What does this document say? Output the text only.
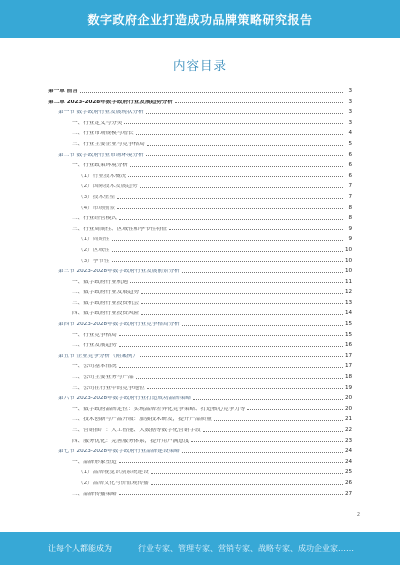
数字政府企业打造成功品牌策略研究报告
内容目录
第一章 前言	3
第二章 2023-2028年数字政府行业发展趋势分析	3
第一节 数字政府行业发展现状分析	3
一、行业定义与分类	3
二、行业市场规模与增长	4
三、行业主要企业与竞争格局	5
第二节 数字政府行业市场环境分析	6
一、行业政策环境分析	6
（1）行业技术概况	6
（2）国际技术发展趋势	7
（3）技术壁垒	7
（4）市场前景	8
二、行业经营模式	8
三、行业周期性、区域性和季节性特征	9
（1）周期性	9
（2）区域性	10
（3）季节性	10
第三节 2023-2028年数字政府行业发展前景分析	10
一、数字政府行业机遇	11
二、数字政府行业发展趋势	12
三、数字政府行业投资机会	13
四、数字政府行业投资风险	14
第四节 2023-2028年数字政府行业竞争格局分析	15
一、行业竞争格局	15
二、行业发展趋势	16
第五节 企业竞争分析（附案例）	17
一、公司基本情况	17
二、公司主要业务与产品	18
三、公司在行业中的竞争地位	19
第六节 2023-2028年数字政府行业打造成功品牌策略	20
一、数字政府品牌定位：实现品牌差异化竞争策略、打造核心竞争力等	20
二、技术创新与产品升级：加强技术研发，提升产品质量	21
三、营销推广：人工智能、大数据等数字化营销手段	22
四、服务优化：完善服务体系，提升用户满意度	23
第七节 2023-2028年数字政府行业品牌建设策略	24
一、品牌形象塑造	24
（1）品牌视觉识别系统建设	25
（2）品牌文化与价值观传播	26
二、品牌传播策略	27
2
让每个人都能成为	行业专家、管理专家、营销专家、战略专家、成功企业家……
